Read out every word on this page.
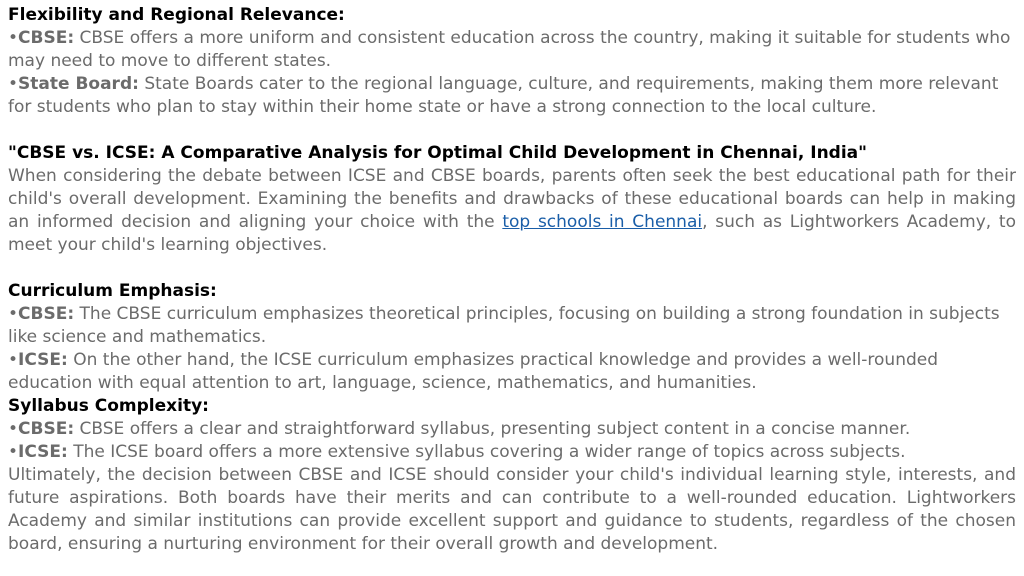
Flexibility and Regional Relevance:

•CBSE: CBSE offers a more uniform and consistent education across the country, making it suitable for students who may need to move to different states.

•State Board: State Boards cater to the regional language, culture, and requirements, making them more relevant for students who plan to stay within their home state or have a strong connection to the local culture.

"CBSE vs. ICSE: A Comparative Analysis for Optimal Child Development in Chennai, India"

When considering the debate between ICSE and CBSE boards, parents often seek the best educational path for their child's overall development. Examining the benefits and drawbacks of these educational boards can help in making an informed decision and aligning your choice with the top schools in Chennai, such as Lightworkers Academy, to meet your child's learning objectives.

Curriculum Emphasis:

•CBSE: The CBSE curriculum emphasizes theoretical principles, focusing on building a strong foundation in subjects like science and mathematics.

•ICSE: On the other hand, the ICSE curriculum emphasizes practical knowledge and provides a well-rounded education with equal attention to art, language, science, mathematics, and humanities.

Syllabus Complexity:

•CBSE: CBSE offers a clear and straightforward syllabus, presenting subject content in a concise manner.

•ICSE: The ICSE board offers a more extensive syllabus covering a wider range of topics across subjects.

Ultimately, the decision between CBSE and ICSE should consider your child's individual learning style, interests, and future aspirations. Both boards have their merits and can contribute to a well-rounded education. Lightworkers Academy and similar institutions can provide excellent support and guidance to students, regardless of the chosen board, ensuring a nurturing environment for their overall growth and development.
